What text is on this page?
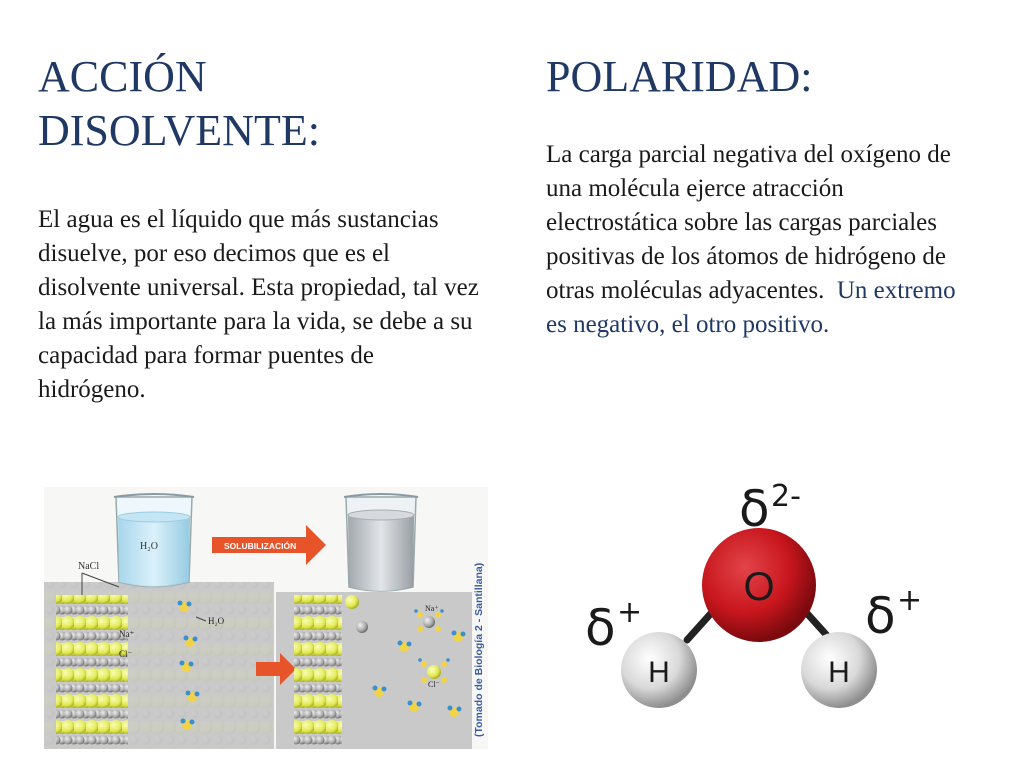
ACCIÓN
DISOLVENTE:

El agua es el líquido que más sustancias disuelve, por eso decimos que es el disolvente universal. Esta propiedad, tal vez la más importante para la vida, se debe a su capacidad para formar puentes de hidrógeno.

H₂O
NaCl
Na⁺
Cl⁻
H₂O
SOLUBILIZACIÓN
Na⁺
Cl⁻	(Tomado de Biología 2 - Santillana)
POLARIDAD:

La carga parcial negativa del oxígeno de una molécula ejerce atracción electrostática sobre las cargas parciales positivas de los átomos de hidrógeno de otras moléculas adyacentes. Un extremo es negativo, el otro positivo.

O
H	H
δ 2-
δ +	δ +
